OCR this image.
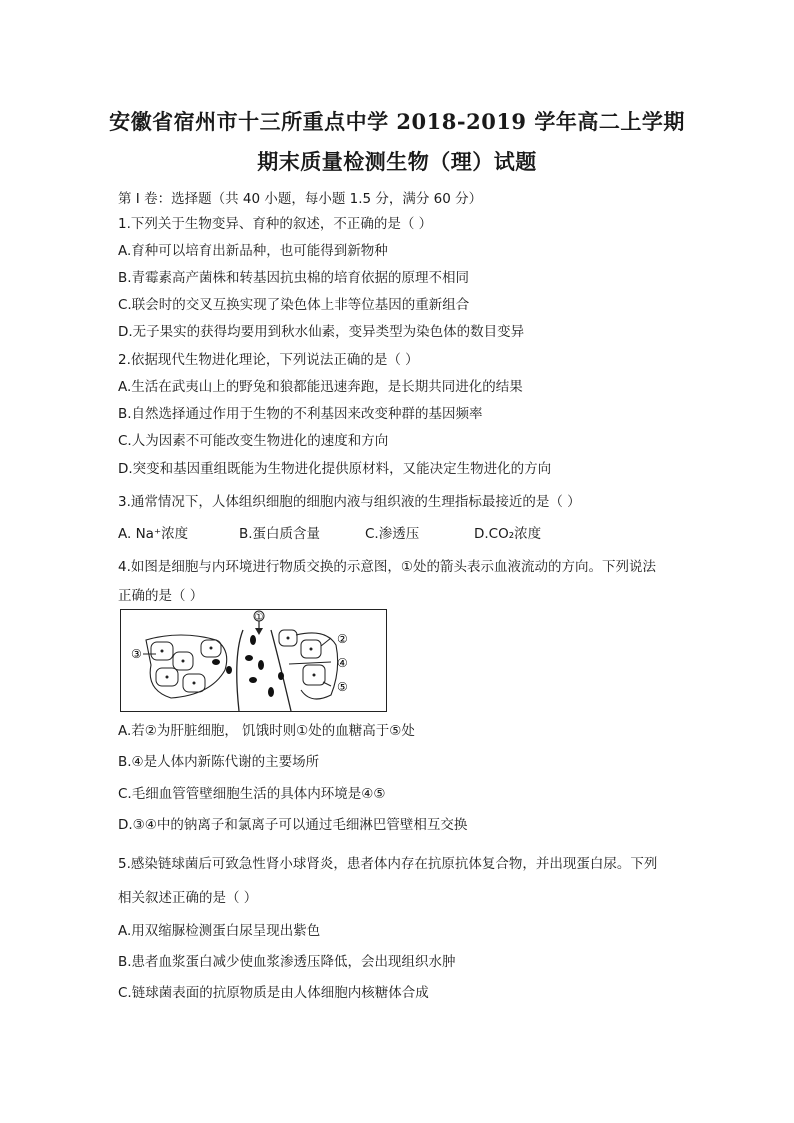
安徽省宿州市十三所重点中学 2018-2019 学年高二上学期
期末质量检测生物（理）试题
第 I 卷：选择题（共 40 小题，每小题 1.5 分，满分 60 分）
1.下列关于生物变异、育种的叙述，不正确的是（ ）
A.育种可以培育出新品种，也可能得到新物种
B.青霉素高产菌株和转基因抗虫棉的培育依据的原理不相同
C.联会时的交叉互换实现了染色体上非等位基因的重新组合
D.无子果实的获得均要用到秋水仙素，变异类型为染色体的数目变异
2.依据现代生物进化理论，下列说法正确的是（ ）
A.生活在武夷山上的野兔和狼都能迅速奔跑，是长期共同进化的结果
B.自然选择通过作用于生物的不利基因来改变种群的基因频率
C.人为因素不可能改变生物进化的速度和方向
D.突变和基因重组既能为生物进化提供原材料，又能决定生物进化的方向
3.通常情况下，人体组织细胞的细胞内液与组织液的生理指标最接近的是（ ）
A. Na⁺浓度	B.蛋白质含量	C.渗透压	D.CO₂浓度
4.如图是细胞与内环境进行物质交换的示意图，①处的箭头表示血液流动的方向。下列说法
正确的是（ ）
①
②
③
④
⑤
A.若②为肝脏细胞， 饥饿时则①处的血糖高于⑤处
B.④是人体内新陈代谢的主要场所
C.毛细血管管壁细胞生活的具体内环境是④⑤
D.③④中的钠离子和氯离子可以通过毛细淋巴管壁相互交换
5.感染链球菌后可致急性肾小球肾炎，患者体内存在抗原抗体复合物，并出现蛋白尿。下列
相关叙述正确的是（ ）
A.用双缩脲检测蛋白尿呈现出紫色
B.患者血浆蛋白减少使血浆渗透压降低，会出现组织水肿
C.链球菌表面的抗原物质是由人体细胞内核糖体合成
